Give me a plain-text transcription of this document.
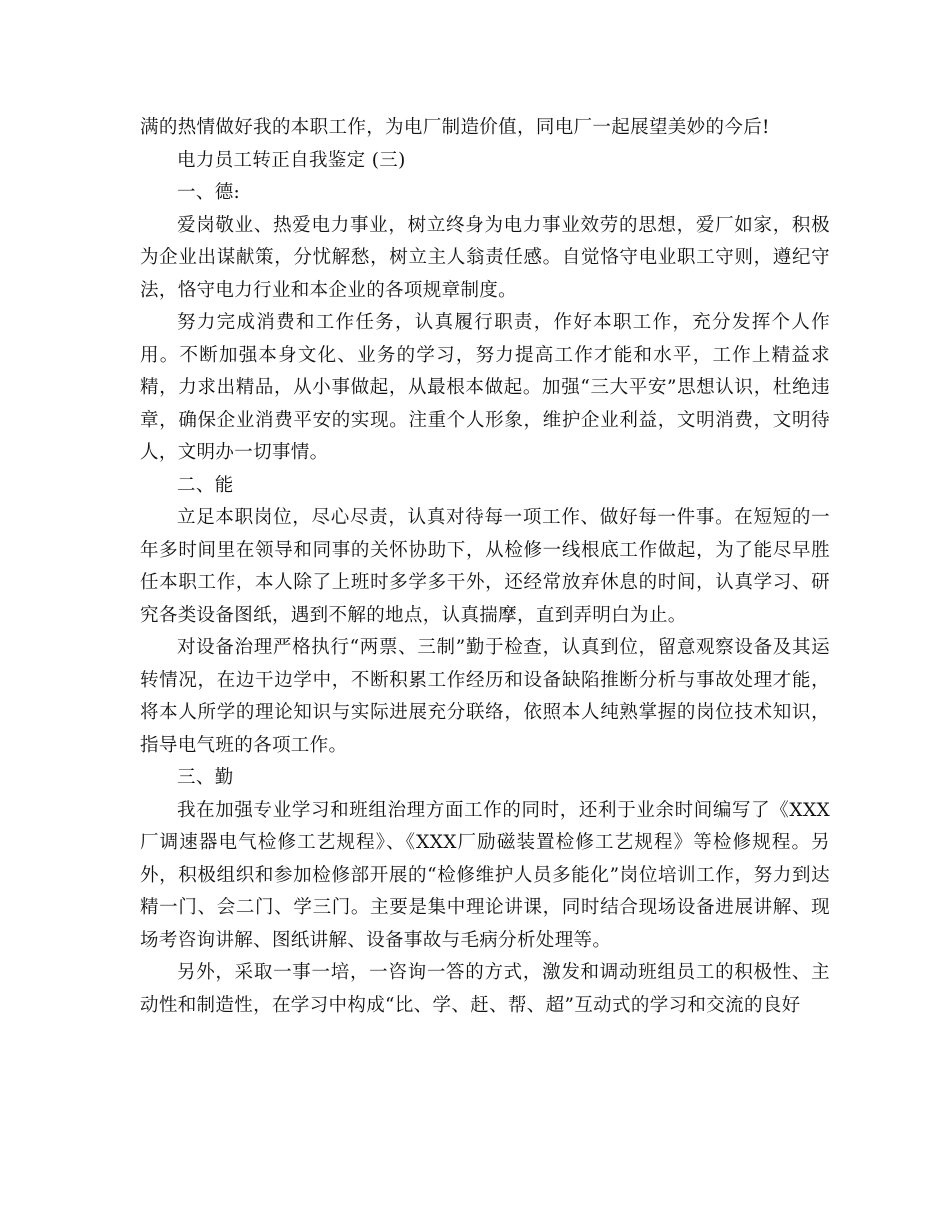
满的热情做好我的本职工作，为电厂制造价值，同电厂一起展望美妙的今后!

电力员工转正自我鉴定 (三)

一、德:

爱岗敬业、热爱电力事业，树立终身为电力事业效劳的思想，爱厂如家，积极为企业出谋献策，分忧解愁，树立主人翁责任感。自觉恪守电业职工守则，遵纪守法，恪守电力行业和本企业的各项规章制度。

努力完成消费和工作任务，认真履行职责，作好本职工作，充分发挥个人作用。不断加强本身文化、业务的学习，努力提高工作才能和水平，工作上精益求精，力求出精品，从小事做起，从最根本做起。加强“三大平安”思想认识，杜绝违章，确保企业消费平安的实现。注重个人形象，维护企业利益，文明消费，文明待人，文明办一切事情。

二、能

立足本职岗位，尽心尽责，认真对待每一项工作、做好每一件事。在短短的一年多时间里在领导和同事的关怀协助下，从检修一线根底工作做起，为了能尽早胜任本职工作，本人除了上班时多学多干外，还经常放弃休息的时间，认真学习、研究各类设备图纸，遇到不解的地点，认真揣摩，直到弄明白为止。

对设备治理严格执行“两票、三制”勤于检查，认真到位，留意观察设备及其运转情况，在边干边学中，不断积累工作经历和设备缺陷推断分析与事故处理才能，将本人所学的理论知识与实际进展充分联络，依照本人纯熟掌握的岗位技术知识，指导电气班的各项工作。

三、勤

我在加强专业学习和班组治理方面工作的同时，还利于业余时间编写了《XXX厂调速器电气检修工艺规程》、《XXX厂励磁装置检修工艺规程》等检修规程。另外，积极组织和参加检修部开展的“检修维护人员多能化”岗位培训工作，努力到达精一门、会二门、学三门。主要是集中理论讲课，同时结合现场设备进展讲解、现场考咨询讲解、图纸讲解、设备事故与毛病分析处理等。

另外，采取一事一培，一咨询一答的方式，激发和调动班组员工的积极性、主动性和制造性，在学习中构成“比、学、赶、帮、超”互动式的学习和交流的良好
